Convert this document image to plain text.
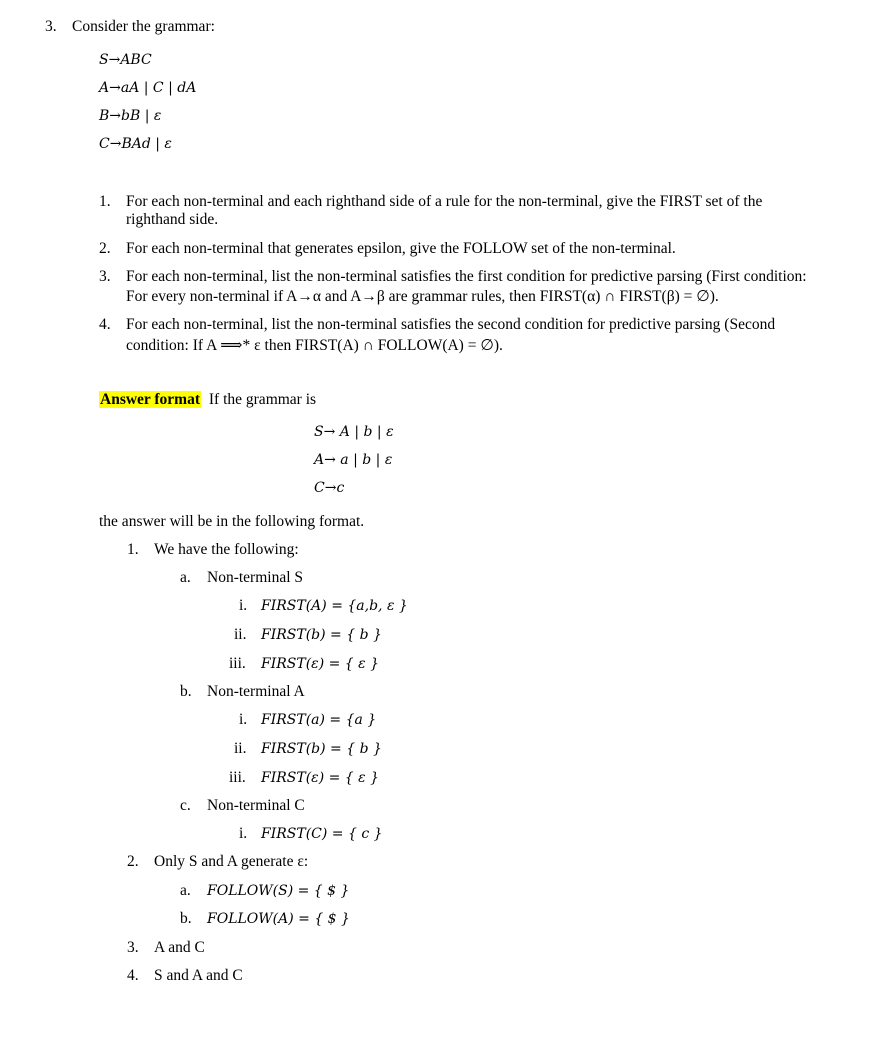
3. Consider the grammar:
S→ABC
A→aA | C | dA
B→bB | ε
C→BAd | ε
1. For each non-terminal and each righthand side of a rule for the non-terminal, give the FIRST set of the
righthand side.
2. For each non-terminal that generates epsilon, give the FOLLOW set of the non-terminal.
3. For each non-terminal, list the non-terminal satisfies the first condition for predictive parsing (First condition:
For every non-terminal if A→α and A→β are grammar rules, then FIRST(α) ∩ FIRST(β) = ∅).
4. For each non-terminal, list the non-terminal satisfies the second condition for predictive parsing (Second
condition: If A ⟹* ε then FIRST(A) ∩ FOLLOW(A) = ∅).
Answer format If the grammar is
S→ A | b | ε
A→ a | b | ε
C→c
the answer will be in the following format.
1. We have the following:
a. Non-terminal S
i. FIRST(A) = {a,b, ε }
ii. FIRST(b) = { b }
iii. FIRST(ε) = { ε }
b. Non-terminal A
i. FIRST(a) = {a }
ii. FIRST(b) = { b }
iii. FIRST(ε) = { ε }
c. Non-terminal C
i. FIRST(C) = { c }
2. Only S and A generate ε:
a. FOLLOW(S) = { $ }
b. FOLLOW(A) = { $ }
3. A and C
4. S and A and C
